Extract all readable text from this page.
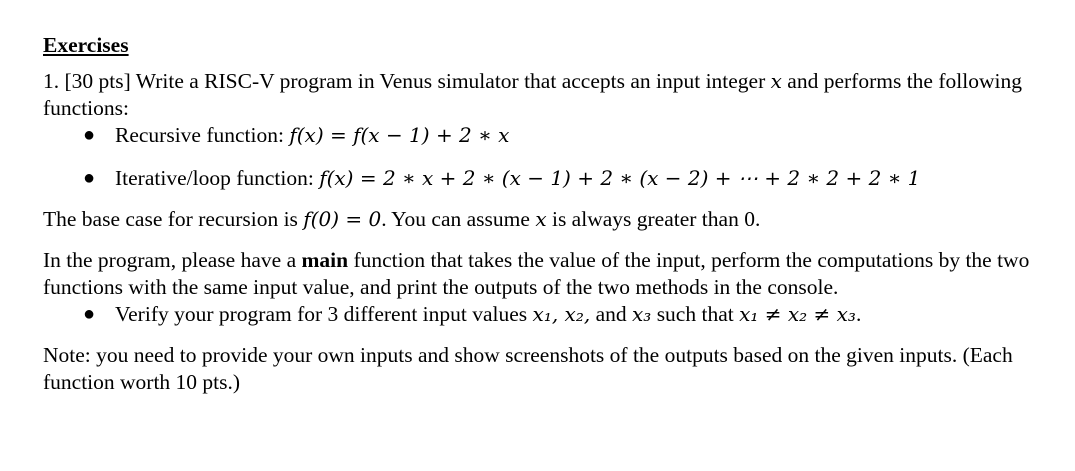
Exercises

1. [30 pts] Write a RISC-V program in Venus simulator that accepts an input integer x and performs the following functions:

● Recursive function: f(x) = f(x − 1) + 2 ∗ x
● Iterative/loop function: f(x) = 2 ∗ x + 2 ∗ (x − 1) + 2 ∗ (x − 2) + ⋯ + 2 ∗ 2 + 2 ∗ 1

The base case for recursion is f(0) = 0. You can assume x is always greater than 0.

In the program, please have a main function that takes the value of the input, perform the computations by the two functions with the same input value, and print the outputs of the two methods in the console.

● Verify your program for 3 different input values x₁, x₂, and x₃ such that x₁ ≠ x₂ ≠ x₃.

Note: you need to provide your own inputs and show screenshots of the outputs based on the given inputs. (Each function worth 10 pts.)
